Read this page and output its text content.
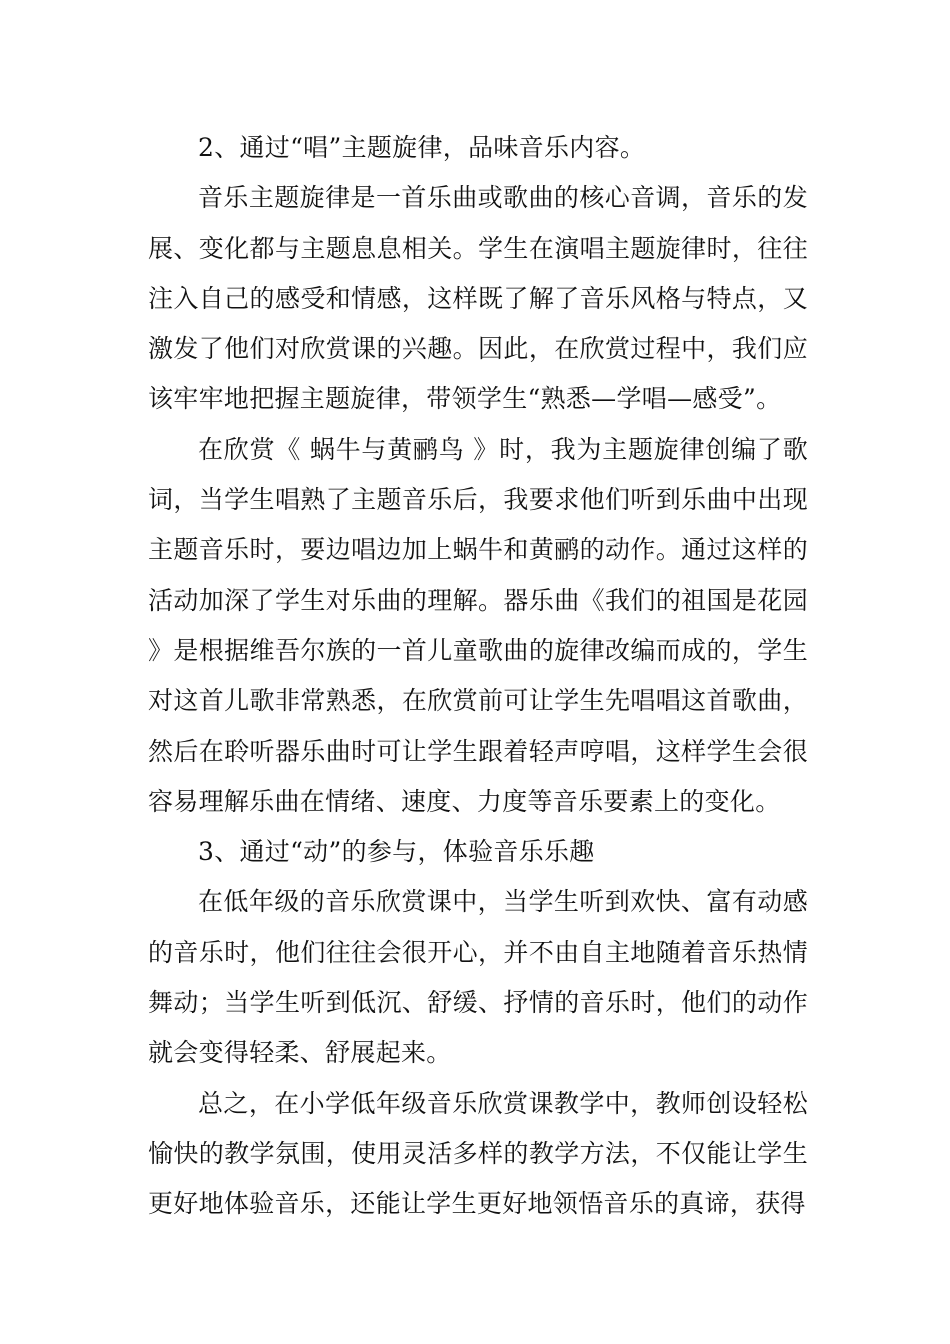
2、通过“唱”主题旋律，品味音乐内容。

音乐主题旋律是一首乐曲或歌曲的核心音调，音乐的发展、变化都与主题息息相关。学生在演唱主题旋律时，往往注入自己的感受和情感，这样既了解了音乐风格与特点，又激发了他们对欣赏课的兴趣。因此，在欣赏过程中，我们应该牢牢地把握主题旋律，带领学生“熟悉—学唱—感受”。

在欣赏《 蜗牛与黄鹂鸟 》时，我为主题旋律创编了歌词，当学生唱熟了主题音乐后，我要求他们听到乐曲中出现主题音乐时，要边唱边加上蜗牛和黄鹂的动作。通过这样的活动加深了学生对乐曲的理解。器乐曲《我们的祖国是花园 》是根据维吾尔族的一首儿童歌曲的旋律改编而成的，学生对这首儿歌非常熟悉，在欣赏前可让学生先唱唱这首歌曲，然后在聆听器乐曲时可让学生跟着轻声哼唱，这样学生会很容易理解乐曲在情绪、速度、力度等音乐要素上的变化。

3、通过“动”的参与，体验音乐乐趣

在低年级的音乐欣赏课中，当学生听到欢快、富有动感的音乐时，他们往往会很开心，并不由自主地随着音乐热情舞动；当学生听到低沉、舒缓、抒情的音乐时，他们的动作就会变得轻柔、舒展起来。

总之，在小学低年级音乐欣赏课教学中，教师创设轻松愉快的教学氛围，使用灵活多样的教学方法，不仅能让学生更好地体验音乐，还能让学生更好地领悟音乐的真谛，获得
